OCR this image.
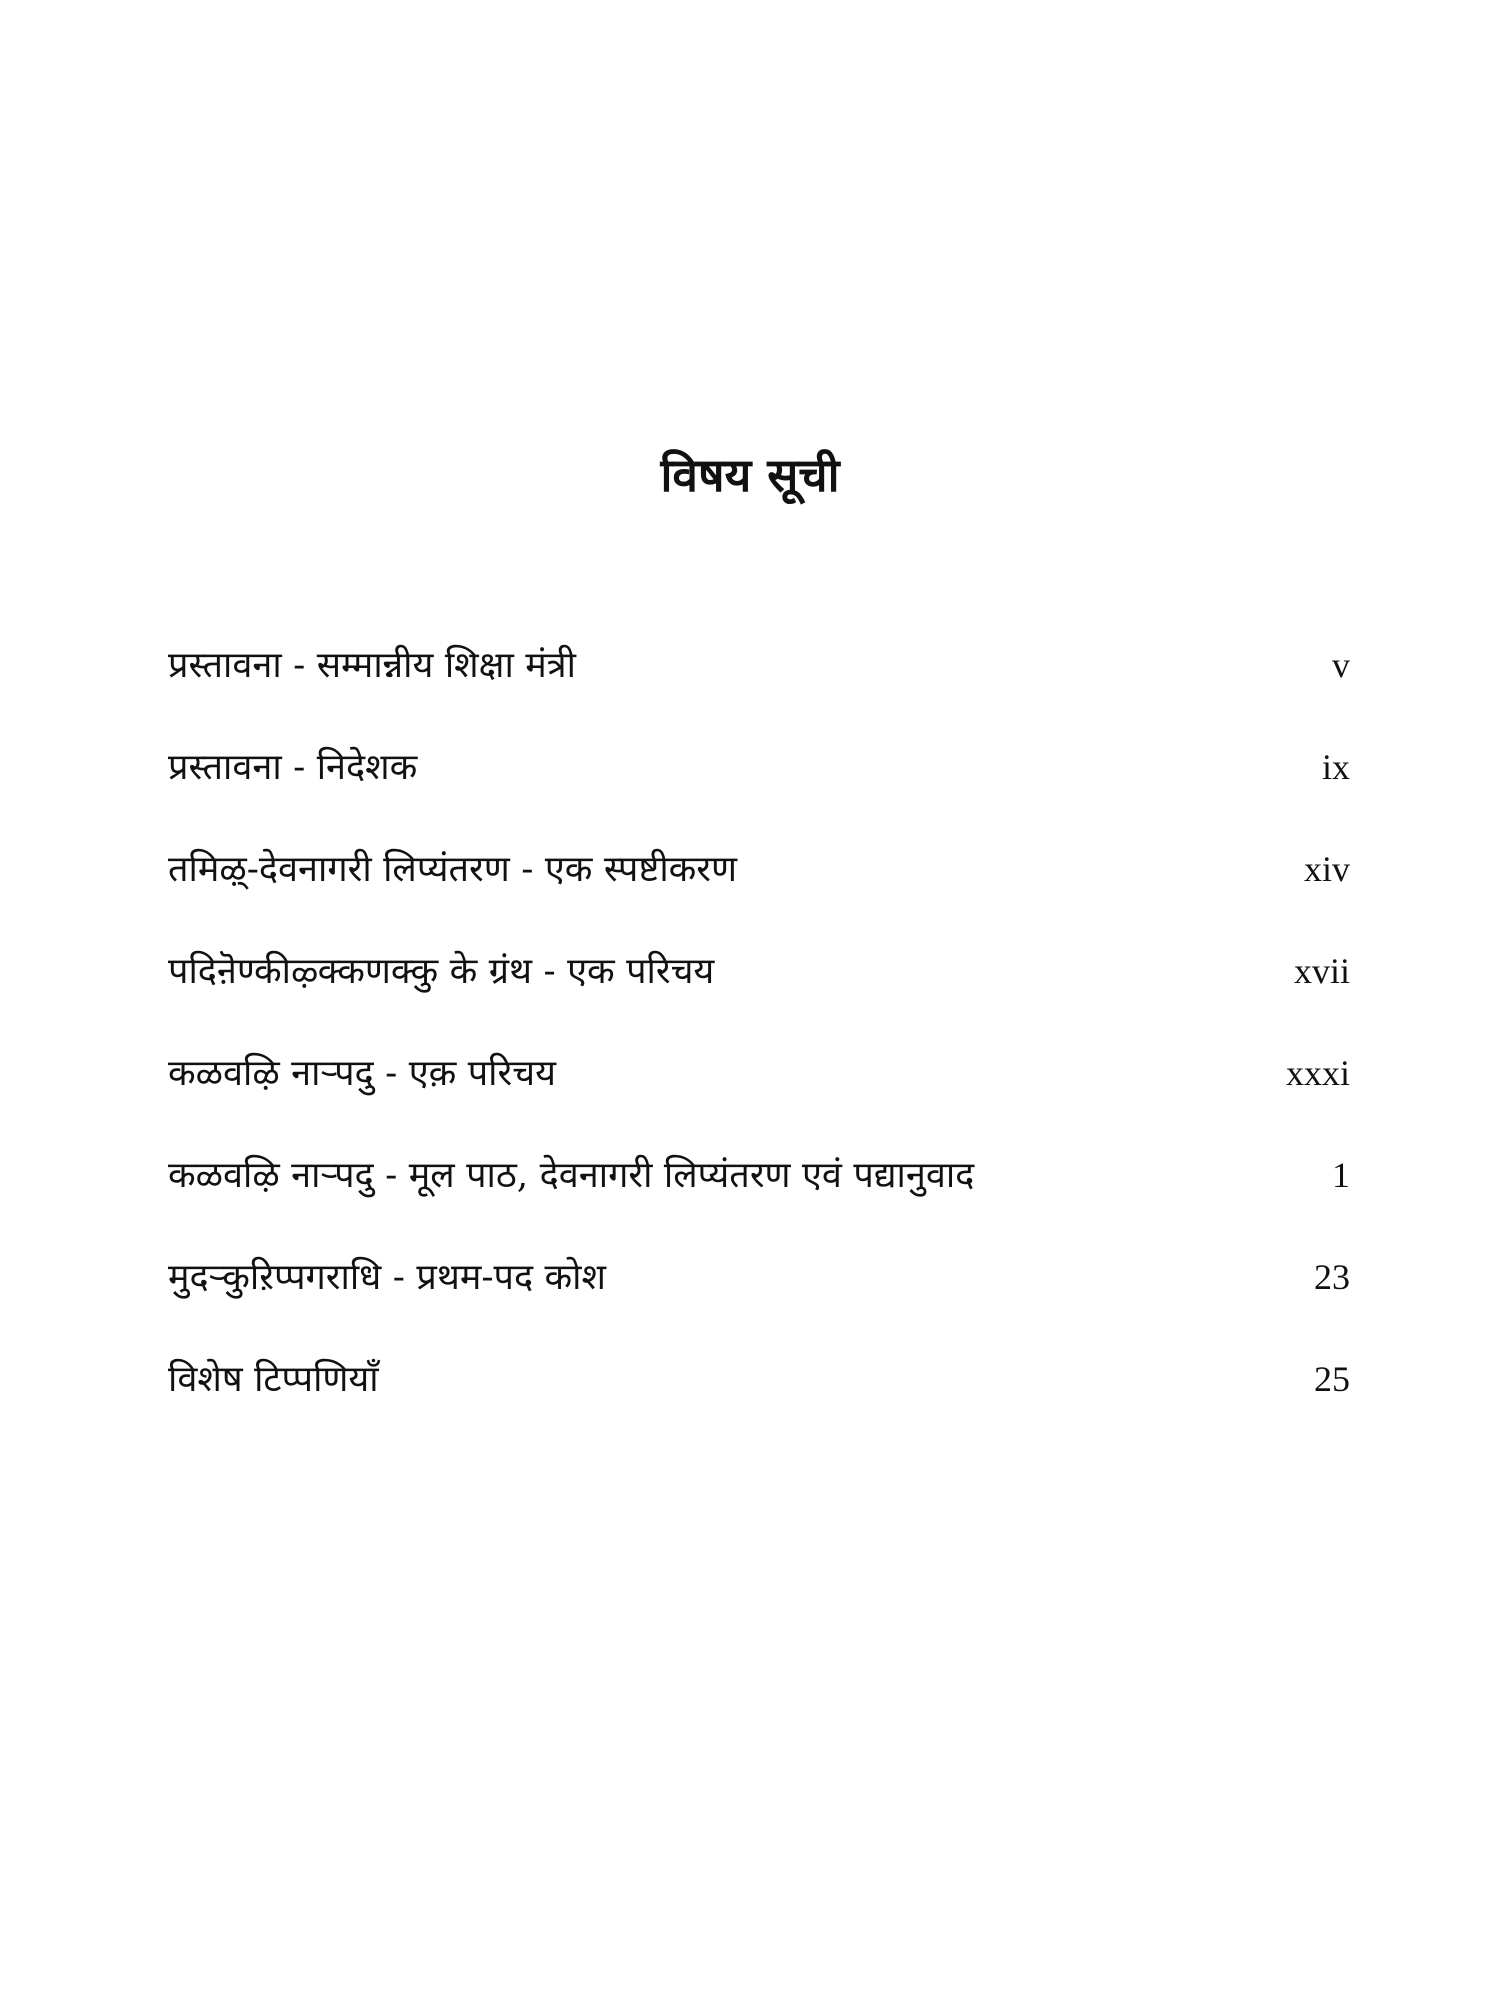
विषय सूची
प्रस्तावना - सम्मान्नीय शिक्षा मंत्री	v
प्रस्तावना - निदेशक	ix
तमिऴ्-देवनागरी लिप्यंतरण - एक स्पष्टीकरण	xiv
पदिऩॆण्कीऴ्क्कणक्कु के ग्रंथ - एक परिचय	xvii
कळवऴि नाऱ्पदु - एक़ परिचय	xxxi
कळवऴि नाऱ्पदु - मूल पाठ, देवनागरी लिप्यंतरण एवं पद्यानुवाद	1
मुदऱ्कुऱिप्पगराधि - प्रथम-पद कोश	23
विशेष टिप्पणियाँ	25
